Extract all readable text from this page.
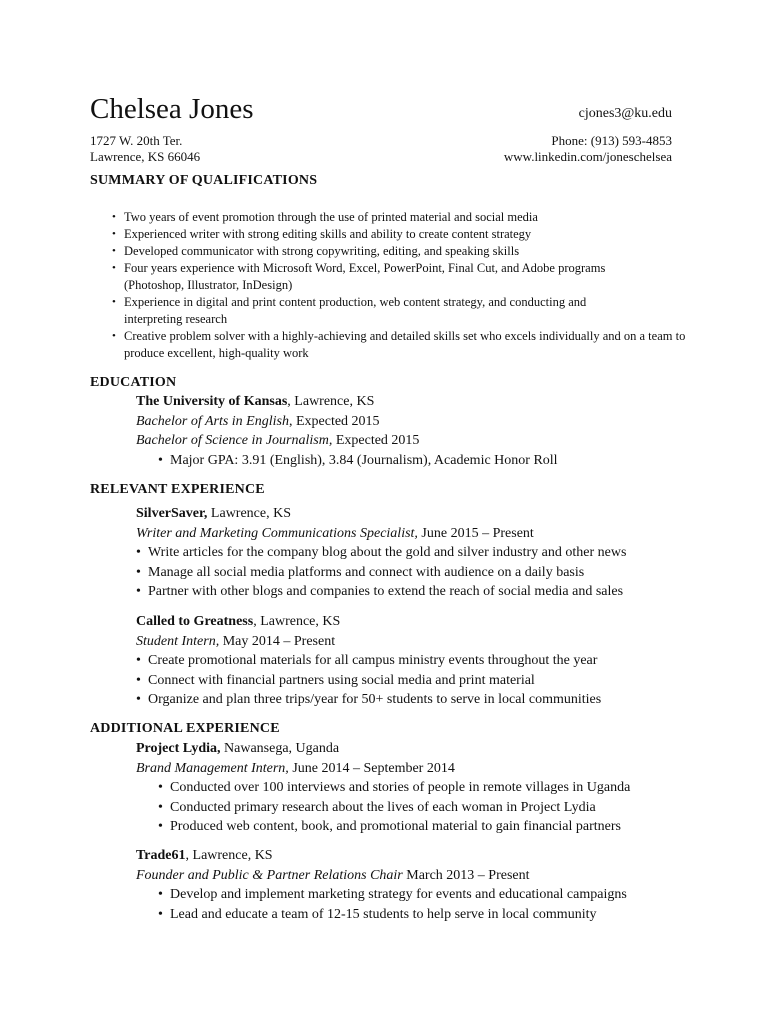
Chelsea Jones	cjones3@ku.edu
1727 W. 20th Ter.
Lawrence, KS 66046
Phone: (913) 593-4853
www.linkedin.com/joneschelsea
SUMMARY OF QUALIFICATIONS
• Two years of event promotion through the use of printed material and social media
• Experienced writer with strong editing skills and ability to create content strategy
• Developed communicator with strong copywriting, editing, and speaking skills
• Four years experience with Microsoft Word, Excel, PowerPoint, Final Cut, and Adobe programs (Photoshop, Illustrator, InDesign)
• Experience in digital and print content production, web content strategy, and conducting and interpreting research
• Creative problem solver with a highly-achieving and detailed skills set who excels individually and on a team to produce excellent, high-quality work
EDUCATION
The University of Kansas, Lawrence, KS
Bachelor of Arts in English, Expected 2015
Bachelor of Science in Journalism, Expected 2015
• Major GPA: 3.91 (English), 3.84 (Journalism), Academic Honor Roll
RELEVANT EXPERIENCE
SilverSaver, Lawrence, KS
Writer and Marketing Communications Specialist, June 2015 – Present
• Write articles for the company blog about the gold and silver industry and other news
• Manage all social media platforms and connect with audience on a daily basis
• Partner with other blogs and companies to extend the reach of social media and sales
Called to Greatness, Lawrence, KS
Student Intern, May 2014 – Present
• Create promotional materials for all campus ministry events throughout the year
• Connect with financial partners using social media and print material
• Organize and plan three trips/year for 50+ students to serve in local communities
ADDITIONAL EXPERIENCE
Project Lydia, Nawansega, Uganda
Brand Management Intern, June 2014 – September 2014
• Conducted over 100 interviews and stories of people in remote villages in Uganda
• Conducted primary research about the lives of each woman in Project Lydia
• Produced web content, book, and promotional material to gain financial partners
Trade61, Lawrence, KS
Founder and Public & Partner Relations Chair March 2013 – Present
• Develop and implement marketing strategy for events and educational campaigns
• Lead and educate a team of 12-15 students to help serve in local community
